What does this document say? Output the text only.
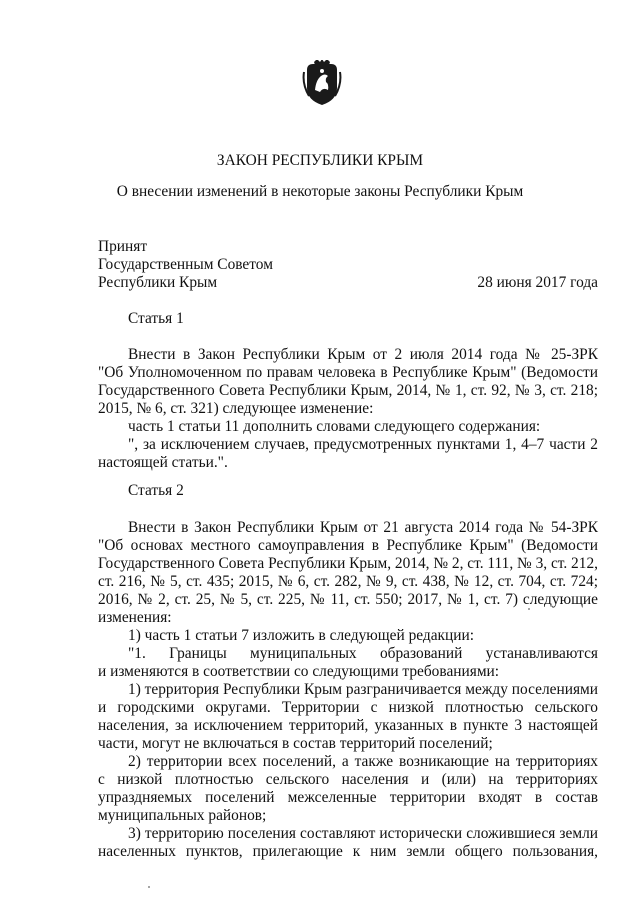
ЗАКОН РЕСПУБЛИКИ КРЫМ
О внесении изменений в некоторые законы Республики Крым
Принят
Государственным Советом
Республики Крым	28 июня 2017 года
Статья 1
Внести в Закон Республики Крым от 2 июля 2014 года № 25-ЗРК
"Об Уполномоченном по правам человека в Республике Крым" (Ведомости
Государственного Совета Республики Крым, 2014, № 1, ст. 92, № 3, ст. 218;
2015, № 6, ст. 321) следующее изменение:
часть 1 статьи 11 дополнить словами следующего содержания:
", за исключением случаев, предусмотренных пунктами 1, 4–7 части 2
настоящей статьи.".
Статья 2
Внести в Закон Республики Крым от 21 августа 2014 года № 54-ЗРК
"Об основах местного самоуправления в Республике Крым" (Ведомости
Государственного Совета Республики Крым, 2014, № 2, ст. 111, № 3, ст. 212,
ст. 216, № 5, ст. 435; 2015, № 6, ст. 282, № 9, ст. 438, № 12, ст. 704, ст. 724;
2016, № 2, ст. 25, № 5, ст. 225, № 11, ст. 550; 2017, № 1, ст. 7) следующие
изменения:
1) часть 1 статьи 7 изложить в следующей редакции:
"1. Границы муниципальных образований устанавливаются
и изменяются в соответствии со следующими требованиями:
1) территория Республики Крым разграничивается между поселениями
и городскими округами. Территории с низкой плотностью сельского
населения, за исключением территорий, указанных в пункте 3 настоящей
части, могут не включаться в состав территорий поселений;
2) территории всех поселений, а также возникающие на территориях
с низкой плотностью сельского населения и (или) на территориях
упраздняемых поселений межселенные территории входят в состав
муниципальных районов;
3) территорию поселения составляют исторически сложившиеся земли
населенных пунктов, прилегающие к ним земли общего пользования,
